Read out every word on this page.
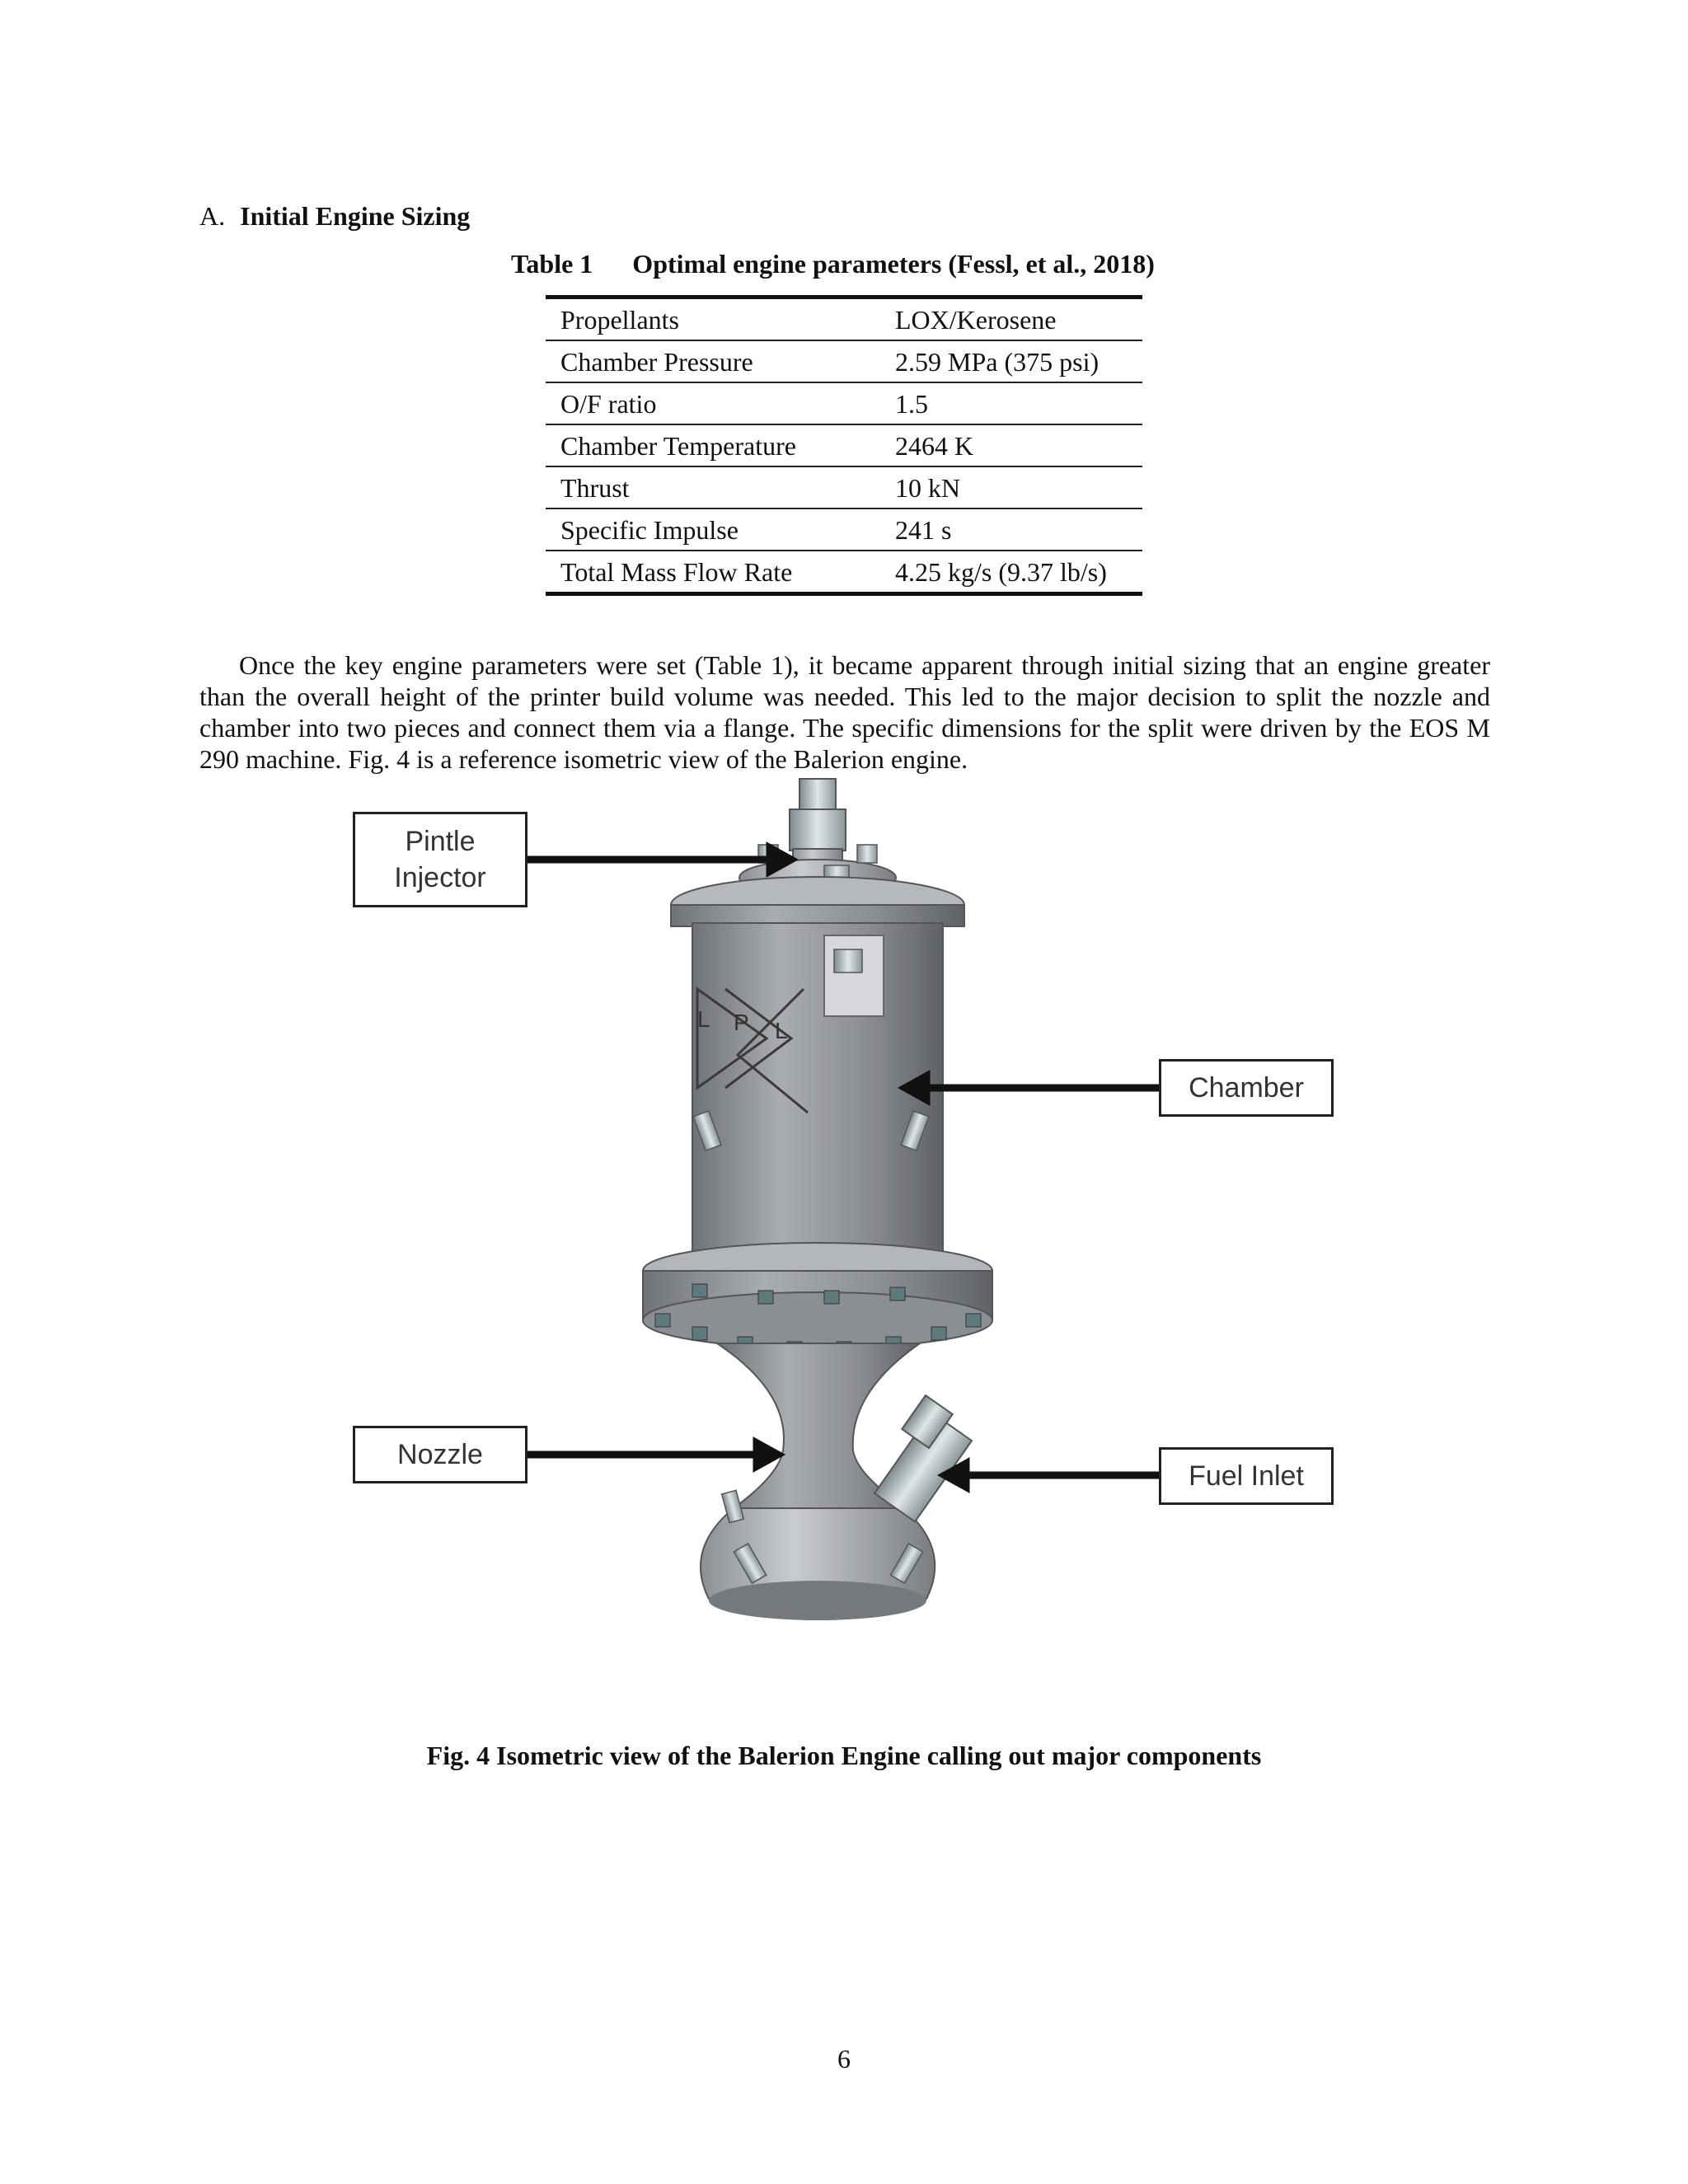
A. Initial Engine Sizing
Table 1 Optimal engine parameters (Fessl, et al., 2018)
Propellants	LOX/Kerosene
Chamber Pressure	2.59 MPa (375 psi)
O/F ratio	1.5
Chamber Temperature	2464 K
Thrust	10 kN
Specific Impulse	241 s
Total Mass Flow Rate	4.25 kg/s (9.37 lb/s)

Once the key engine parameters were set (Table 1), it became apparent through initial sizing that an engine greater than the overall height of the printer build volume was needed. This led to the major decision to split the nozzle and chamber into two pieces and connect them via a flange. The specific dimensions for the split were driven by the EOS M 290 machine. Fig. 4 is a reference isometric view of the Balerion engine.

L P L
Pintle
Injector
Chamber
Nozzle
Fuel Inlet
Fig. 4 Isometric view of the Balerion Engine calling out major components
6
